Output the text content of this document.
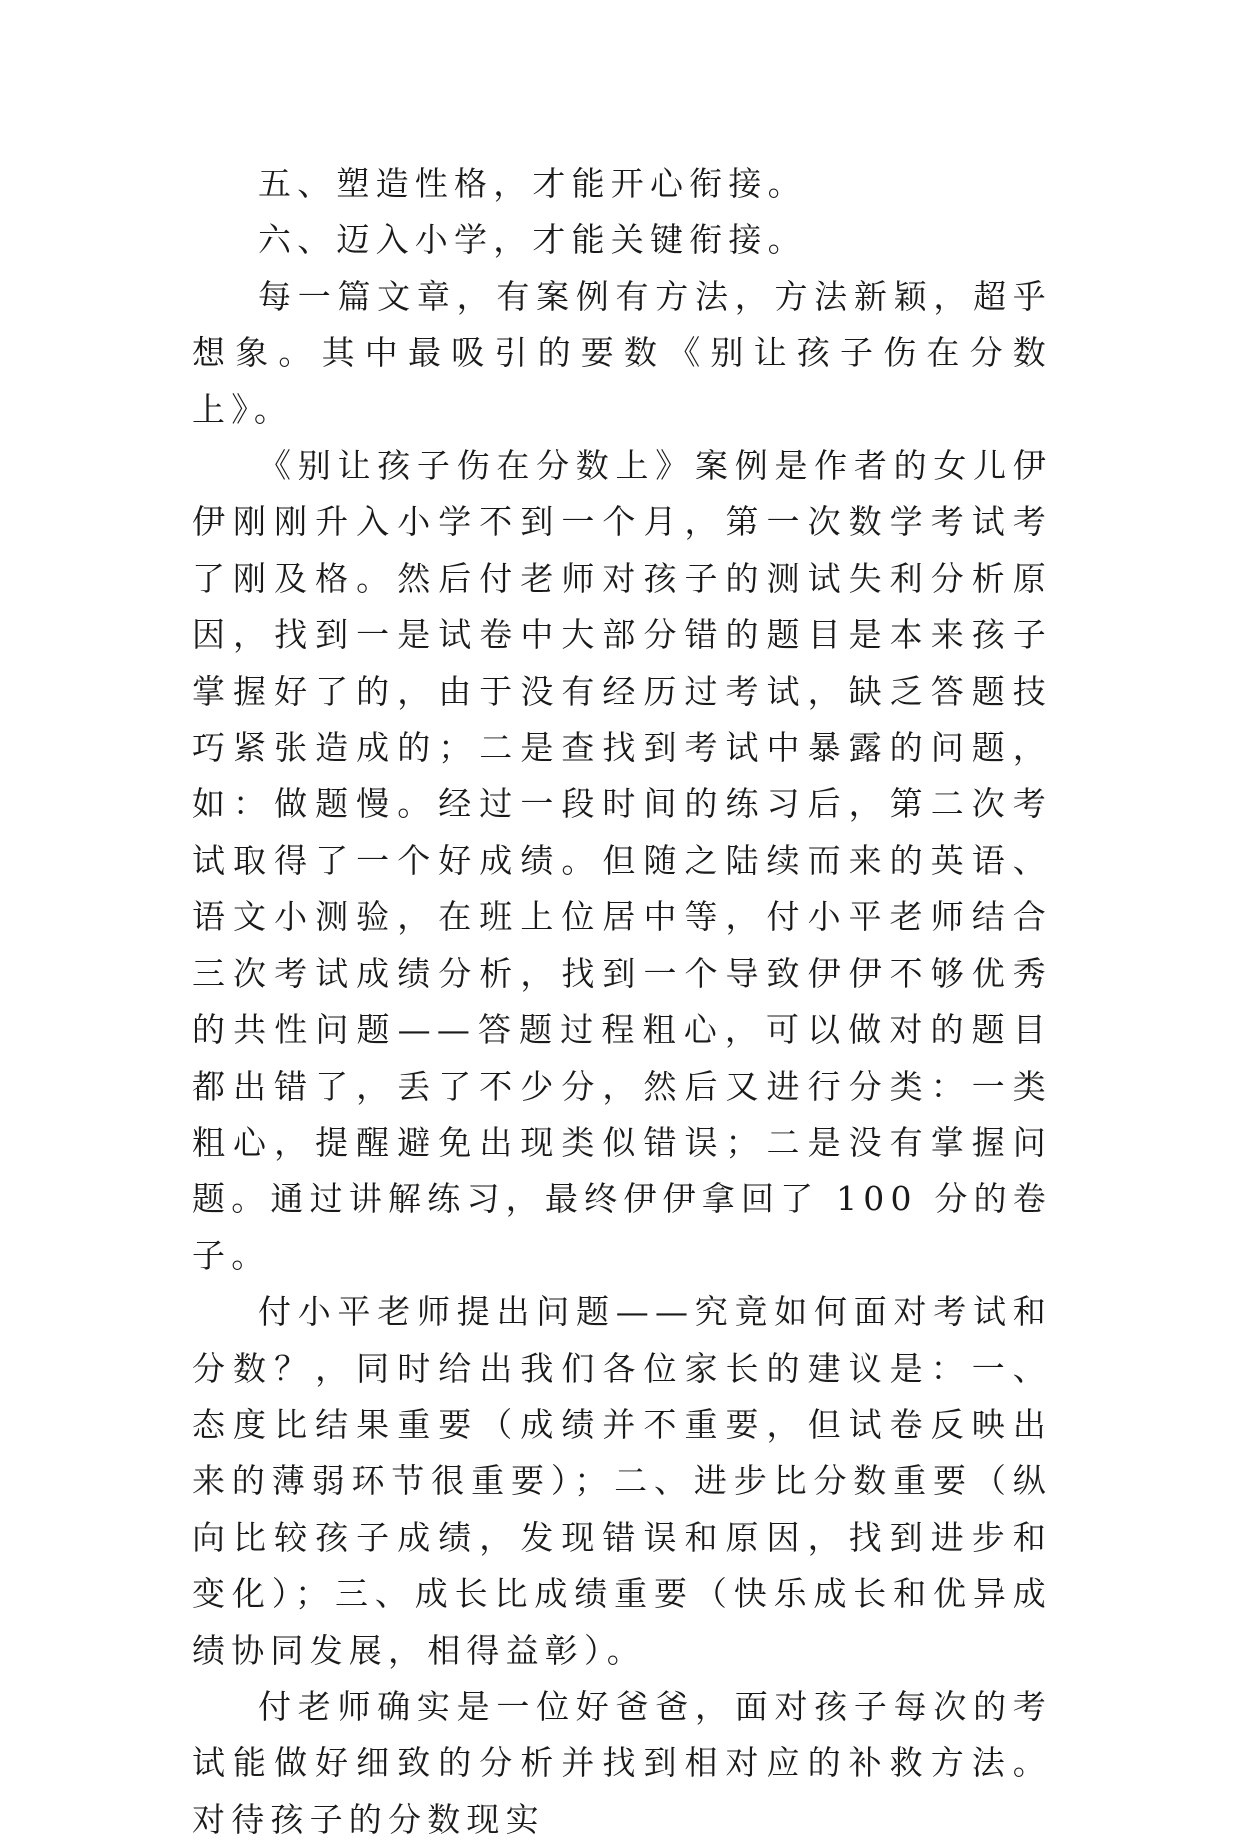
五、塑造性格，才能开心衔接。

六、迈入小学，才能关键衔接。

每一篇文章，有案例有方法，方法新颖，超乎想象。其中最吸引的要数《别让孩子伤在分数上》。

《别让孩子伤在分数上》案例是作者的女儿伊伊刚刚升入小学不到一个月，第一次数学考试考了刚及格。然后付老师对孩子的测试失利分析原因，找到一是试卷中大部分错的题目是本来孩子掌握好了的，由于没有经历过考试，缺乏答题技巧紧张造成的；二是查找到考试中暴露的问题，如：做题慢。经过一段时间的练习后，第二次考试取得了一个好成绩。但随之陆续而来的英语、语文小测验，在班上位居中等，付小平老师结合三次考试成绩分析，找到一个导致伊伊不够优秀的共性问题——答题过程粗心，可以做对的题目都出错了，丢了不少分，然后又进行分类：一类粗心，提醒避免出现类似错误；二是没有掌握问题。通过讲解练习，最终伊伊拿回了 100 分的卷子。

付小平老师提出问题——究竟如何面对考试和分数？，同时给出我们各位家长的建议是：一、态度比结果重要（成绩并不重要，但试卷反映出来的薄弱环节很重要）；二、进步比分数重要（纵向比较孩子成绩，发现错误和原因，找到进步和变化）；三、成长比成绩重要（快乐成长和优异成绩协同发展，相得益彰）。

付老师确实是一位好爸爸，面对孩子每次的考试能做好细致的分析并找到相对应的补救方法。对待孩子的分数现实
